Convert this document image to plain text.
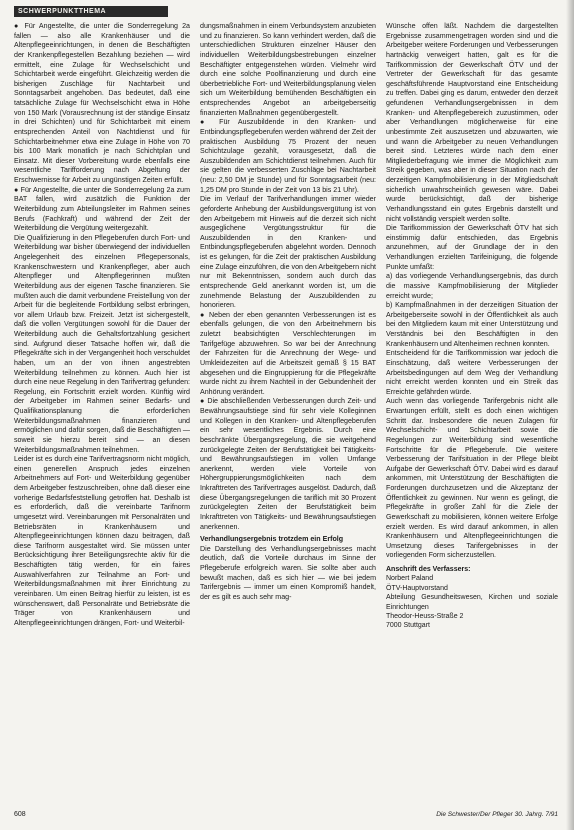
SCHWERPUNKTTHEMA

● Für Angestellte, die unter die Sonderregelung 2a fallen — also alle Krankenhäuser und die Altenpflegeeinrichtungen, in denen die Beschäftigten der Krankenpflegestellen Bezahlung beziehen — wird ermittelt, eine Zulage für Wechselschicht und Schichtarbeit werde eingeführt. Gleichzeitig werden die bisherigen Zuschläge für Nachtarbeit und Sonntagsarbeit angehoben. Das bedeutet, daß eine tatsächliche Zulage für Wechselschicht etwa in Höhe von 150 Mark (Vorausrechnung ist der ständige Einsatz in drei Schichten) und für Schichtarbeit mit einem entsprechenden Anteil von Nachtdienst und für Schichtarbeitnehmer etwa eine Zulage in Höhe von 70 bis 100 Mark monatlich je nach Schichtplan und Einsatz. Mit dieser Vorbereitung wurde ebenfalls eine wesentliche Tarifforderung nach Abgeltung der Erschwernisse für Arbeit zu ungünstigen Zeiten erfüllt.

● Für Angestellte, die unter die Sonderregelung 2a zum BAT fallen, wird zusätzlich die Funktion der Weiterbildung zum Abteilungsleiter im Rahmen seines Berufs (Fachkraft) und während der Zeit der Weiterbildung die Vergütung weitergezahlt.

Die Qualifizierung in den Pflegeberufen durch Fort- und Weiterbildung war bisher überwiegend der individuellen Angelegenheit des einzelnen Pflegepersonals, Krankenschwestern und Krankenpfleger, aber auch Altenpfleger und Altenpflegerinnen mußten Weiterbildung aus der eigenen Tasche finanzieren. Sie mußten auch die damit verbundene Freistellung von der Arbeit für die begleitende Fortbildung selbst erbringen, vor allem Urlaub bzw. Freizeit. Jetzt ist sichergestellt, daß die vollen Vergütungen sowohl für die Dauer der Weiterbildung auch die Gehaltsfortzahlung gesichert sind. Aufgrund dieser Tatsache hoffen wir, daß die Pflegekräfte sich in der Vergangenheit hoch verschuldet haben, um an der von ihnen angestrebten Weiterbildung teilnehmen zu können. Auch hier ist durch eine neue Regelung in den Tarifvertrag gefunden: Regelung, ein Fortschritt erzielt worden. Künftig wird der Arbeitgeber im Rahmen seiner Bedarfs- und Qualifikationsplanung die erforderlichen Weiterbildungsmaßnahmen finanzieren und ermöglichen und dafür sorgen, daß die Beschäftigten — soweit sie hierzu bereit sind — an diesen Weiterbildungsmaßnahmen teilnehmen.

Leider ist es durch eine Tarifvertragsnorm nicht möglich, einen generellen Anspruch jedes einzelnen Arbeitnehmers auf Fort- und Weiterbildung gegenüber dem Arbeitgeber festzuschreiben, ohne daß dieser eine vorherige Bedarfsfeststellung getroffen hat. Deshalb ist es erforderlich, daß die vereinbarte Tarifnorm umgesetzt wird. Vereinbarungen mit Personalräten und Betriebsräten in Krankenhäusern und Altenpflegeeinrichtungen können dazu beitragen, daß diese Tarifnorm ausgestaltet wird. Sie müssen unter Berücksichtigung ihrer Beteiligungsrechte aktiv für die Beschäftigten tätig werden, für ein faires Auswahlverfahren zur Teilnahme an Fort- und Weiterbildungsmaßnahmen mit ihrer Einrichtung zu vereinbaren. Um einen Beitrag hierfür zu leisten, ist es wünschenswert, daß Personalräte und Betriebsräte die Träger von Krankenhäusern und Altenpflegeeinrichtungen drängen, Fort- und Weiterbil-

dungsmaßnahmen in einem Verbundsystem anzubieten und zu finanzieren. So kann verhindert werden, daß die unterschiedlichen Strukturen einzelner Häuser den individuellen Weiterbildungsbestrebungen einzelner Beschäftigter entgegenstehen würden. Vielmehr wird durch eine solche Poolfinanzierung und durch eine überbetriebliche Fort- und Weiterbildungsplanung vielen sich um Weiterbildung bemühenden Beschäftigten ein entsprechendes Angebot an arbeitgeberseitig finanzierten Maßnahmen gegenübergestellt.

● Für Auszubildende in den Kranken- und Entbindungspflegeberufen werden während der Zeit der praktischen Ausbildung 75 Prozent der neuen Schichtzulage gezahlt, vorausgesetzt, daß die Auszubildenden am Schichtdienst teilnehmen. Auch für sie gelten die verbesserten Zuschläge bei Nachtarbeit (neu: 2,50 DM je Stunde) und für Sonntagsarbeit (neu: 1,25 DM pro Stunde in der Zeit von 13 bis 21 Uhr).

Die im Verlauf der Tarifverhandlungen immer wieder geforderte Anhebung der Ausbildungsvergütung ist von den Arbeitgebern mit Hinweis auf die derzeit sich nicht ausgeglichene Vergütungsstruktur für die Auszubildenden in den Kranken- und Entbindungspflegeberufen abgelehnt worden. Dennoch ist es gelungen, für die Zeit der praktischen Ausbildung eine Zulage einzuführen, die von den Arbeitgebern nicht nur mit Bekenntnissen, sondern auch durch das entsprechende Geld anerkannt worden ist, um die zunehmende Belastung der Auszubildenden zu honorieren.

● Neben der eben genannten Verbesserungen ist es ebenfalls gelungen, die von den Arbeitnehmern bis zuletzt beabsichtigten Verschlechterungen im Tarifgefüge abzuwehren. So war bei der Anrechnung der Fahrzeiten für die Anrechnung der Wege- und Umkleidezeiten auf die Arbeitszeit gemäß § 15 BAT abgesehen und die Eingruppierung für die Pflegekräfte wurde nicht zu ihrem Nachteil in der Gebundenheit der Anhörung verändert.

● Die abschließenden Verbesserungen durch Zeit- und Bewährungsaufstiege sind für sehr viele Kolleginnen und Kollegen in den Kranken- und Altenpflegeberufen ein sehr wesentliches Ergebnis. Durch eine beschränkte Übergangsregelung, die sie weitgehend zurückgelegte Zeiten der Berufstätigkeit bei Tätigkeits- und Bewährungsaufstiegen im vollen Umfange anerkennt, werden viele Vorteile von Höhergruppierungsmöglichkeiten nach dem Inkrafttreten des Tarifvertrages ausgelöst. Dadurch, daß diese Übergangsregelungen die tariflich mit 30 Prozent zurückgelegten Zeiten der Berufstätigkeit beim Inkrafttreten von Tätigkeits- und Bewährungsaufstiegen anerkennen.

Verhandlungsergebnis trotzdem ein Erfolg

Die Darstellung des Verhandlungsergebnisses macht deutlich, daß die Vorteile durchaus im Sinne der Pflegeberufe erfolgreich waren. Sie sollte aber auch bewußt machen, daß es sich hier — wie bei jedem Tarifergebnis — immer um einen Kompromiß handelt, der es gilt es auch sehr mag-

Wünsche offen läßt. Nachdem die dargestellten Ergebnisse zusammengetragen worden sind und die Arbeitgeber weitere Forderungen und Verbesserungen hartnäckig verweigert hatten, galt es für die Tarifkommission der Gewerkschaft ÖTV und der Vertreter der Gewerkschaft für das gesamte geschäftsführende Hauptvorstand eine Entscheidung zu treffen. Dabei ging es darum, entweder den derzeit gefundenen Verhandlungsergebnissen in dem Kranken- und Altenpflegebereich zuzustimmen, oder aber Verhandlungen möglicherweise für eine unbestimmte Zeit auszusetzen und abzuwarten, wie und wann die Arbeitgeber zu neuen Verhandlungen bereit sind. Letzteres würde nach dem einer Mitgliederbefragung wie immer die Möglichkeit zum Streik gegeben, was aber in dieser Situation nach der derzeitigen Kampfmobilisierung in der Mitgliedschaft sicherlich unwahrscheinlich gewesen wäre. Dabei wurde berücksichtigt, daß der bisherige Verhandlungsstand ein gutes Ergebnis darstellt und nicht vollständig verspielt werden sollte.

Die Tarifkommission der Gewerkschaft ÖTV hat sich einstimmig dafür entschieden, das Ergebnis anzunehmen, auf der Grundlage der in den Verhandlungen erzielten Tarifeinigung, die folgende Punkte umfaßt:

a) das vorliegende Verhandlungsergebnis, das durch die massive Kampfmobilisierung der Mitglieder erreicht wurde;

b) Kampfmaßnahmen in der derzeitigen Situation der Arbeitgeberseite sowohl in der Öffentlichkeit als auch bei den Mitgliedern kaum mit einer Unterstützung und Verständnis bei den Beschäftigten in den Krankenhäusern und Altenheimen rechnen konnten.

Entscheidend für die Tarifkommission war jedoch die Einschätzung, daß weitere Verbesserungen der Arbeitsbedingungen auf dem Weg der Verhandlung nicht erreicht werden konnten und ein Streik das Erreichte gefährden würde.

Auch wenn das vorliegende Tarifergebnis nicht alle Erwartungen erfüllt, stellt es doch einen wichtigen Schritt dar. Insbesondere die neuen Zulagen für Wechselschicht- und Schichtarbeit sowie die Regelungen zur Weiterbildung sind wesentliche Fortschritte für die Pflegeberufe. Die weitere Verbesserung der Tarifsituation in der Pflege bleibt Aufgabe der Gewerkschaft ÖTV. Dabei wird es darauf ankommen, mit Unterstützung der Beschäftigten die Forderungen durchzusetzen und die Akzeptanz der Öffentlichkeit zu gewinnen. Nur wenn es gelingt, die Pflegekräfte in großer Zahl für die Ziele der Gewerkschaft zu mobilisieren, können weitere Erfolge erzielt werden. Es wird darauf ankommen, in allen Krankenhäusern und Altenpflegeeinrichtungen die Umsetzung dieses Tarifergebnisses in der vorliegenden Form sicherzustellen.

Anschrift des Verfassers:
Norbert Paland
ÖTV-Hauptvorstand
Abteilung Gesundheitswesen, Kirchen und soziale Einrichtungen
Theodor-Heuss-Straße 2
7000 Stuttgart
608	Die Schwester/Der Pfleger 30. Jahrg. 7/91
